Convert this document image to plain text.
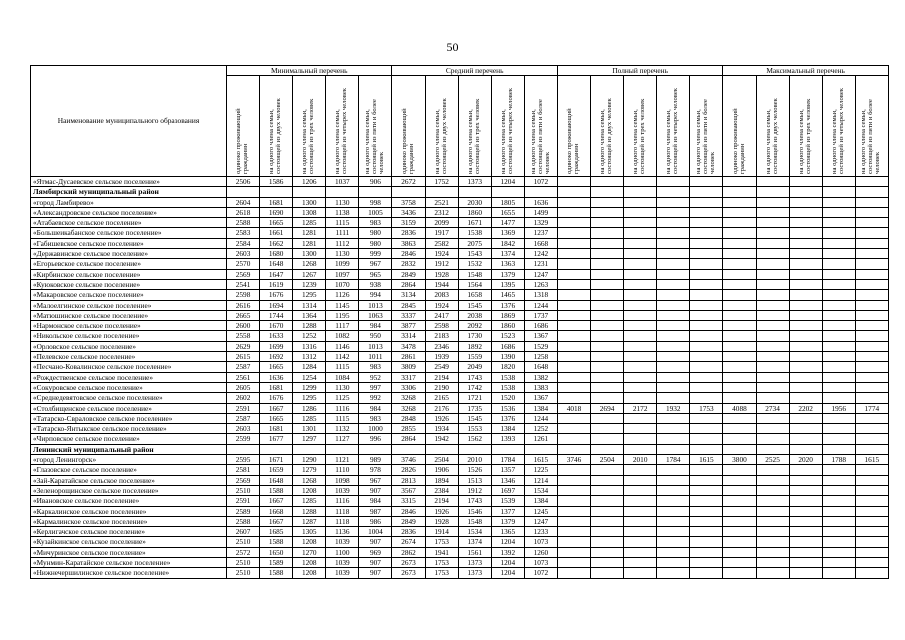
50
Наименование муниципального образования	Минимальный перечень					Средний перечень					Полный перечень					Максимальный перечень				

	одиноко проживающий гражданин	на одного члена семьи, состоящей из двух человек	на одного члена семьи, состоящей из трех человек	на одного члена семьи, состоящей из четырех человек	на одного члена семьи, состоящей из пяти и более человек	одиноко проживающий гражданин	на одного члена семьи, состоящей из двух человек	на одного члена семьи, состоящей из трех человек	на одного члена семьи, состоящей из четырех человек	на одного члена семьи, состоящей из пяти и более человек	одиноко проживающий гражданин	на одного члена семьи, состоящей из двух человек	на одного члена семьи, состоящей из трех человек	на одного члена семьи, состоящей из четырех человек	на одного члена семьи, состоящей из пяти и более человек	одиноко проживающий гражданин	на одного члена семьи, состоящей из двух человек	на одного члена семьи, состоящей из трех человек	на одного члена семьи, состоящей из четырех человек	на одного члена семьи, состоящей из пяти и более человек

«Ятмас-Дусаевское сельское поселение»	2506	1586	1206	1037	906	2672	1752	1373	1204	1072										
Лямбирский муниципальный район																				
«город Ламбирево»	2604	1681	1300	1130	998	3758	2521	2030	1805	1636										
«Александровское сельское поселение»	2618	1690	1308	1138	1005	3436	2312	1860	1655	1499										
«Атабаевское сельское поселение»	2588	1665	1285	1115	983	3159	2099	1671	1477	1329										
«Большеикабанское сельское поселение»	2583	1661	1281	1111	980	2836	1917	1538	1369	1237										
«Габишевское сельское поселение»	2584	1662	1281	1112	980	3863	2582	2075	1842	1668										
«Державинское сельское поселение»	2603	1680	1300	1130	999	2846	1924	1543	1374	1242										
«Егорьевское сельское поселение»	2570	1648	1268	1099	967	2832	1912	1532	1363	1231										
«Кирбинское сельское поселение»	2569	1647	1267	1097	965	2849	1928	1548	1379	1247										
«Куюковское сельское поселение»	2541	1619	1239	1070	938	2864	1944	1564	1395	1263										
«Макаровское сельское поселение»	2598	1676	1295	1126	994	3134	2083	1658	1465	1318										
«Малоелгинское сельское поселение»	2616	1694	1314	1145	1013	2845	1924	1545	1376	1244										
«Матюшинское сельское поселение»	2665	1744	1364	1195	1063	3337	2417	2038	1869	1737										
«Нармонское сельское поселение»	2600	1670	1288	1117	984	3877	2598	2092	1860	1686										
«Никольское сельское поселение»	2558	1633	1252	1082	950	3314	2183	1730	1523	1367										
«Орловское сельское поселение»	2629	1699	1316	1146	1013	3478	2346	1892	1686	1529										
«Пелевское сельское поселение»	2615	1692	1312	1142	1011	2861	1939	1559	1390	1258										
«Песчано-Ковалинское сельское поселение»	2587	1665	1284	1115	983	3809	2549	2049	1820	1648										
«Рождественское сельское поселение»	2561	1636	1254	1084	952	3317	2194	1743	1538	1382										
«Сокуровское сельское поселение»	2605	1681	1299	1130	997	3306	2190	1742	1538	1383										
«Среднедевятовское сельское поселение»	2602	1676	1295	1125	992	3268	2165	1721	1520	1367										
«Столбищенское сельское поселение»	2591	1667	1286	1116	984	3268	2176	1735	1536	1384	4018	2694	2172	1932	1753	4088	2734	2202	1956	1774
«Татарско-Свраловское сельское поселение»	2587	1665	1285	1115	983	2848	1926	1545	1376	1244										
«Татарско-Янтыкское сельское поселение»	2603	1681	1301	1132	1000	2855	1934	1553	1384	1252										
«Чирповское сельское поселение»	2599	1677	1297	1127	996	2864	1942	1562	1393	1261										
Ленинский муниципальный район																				
«город Ленингорск»	2595	1671	1290	1121	989	3746	2504	2010	1784	1615	3746	2504	2010	1784	1615	3800	2525	2020	1788	1615
«Глазовское сельское поселение»	2581	1659	1279	1110	978	2826	1906	1526	1357	1225										
«Зай-Каратайское сельское поселение»	2569	1648	1268	1098	967	2813	1894	1513	1346	1214										
«Зеленорощинское сельское поселение»	2510	1588	1208	1039	907	3567	2384	1912	1697	1534										
«Ивановское сельское поселение»	2591	1667	1285	1116	984	3315	2194	1743	1539	1384										
«Каркалинское сельское поселение»	2589	1668	1288	1118	987	2846	1926	1546	1377	1245										
«Кармалинское сельское поселение»	2588	1667	1287	1118	986	2849	1928	1548	1379	1247										
«Керлигачское сельское поселение»	2607	1685	1305	1136	1004	2836	1914	1534	1365	1233										
«Кузайкинское сельское поселение»	2510	1588	1208	1039	907	2674	1753	1374	1204	1073										
«Мичуринское сельское поселение»	2572	1650	1270	1100	969	2862	1941	1561	1392	1260										
«Мунмин-Каратайское сельское поселение»	2510	1589	1208	1039	907	2673	1753	1373	1204	1073										
«Нижнечершилинское сельское поселение»	2510	1588	1208	1039	907	2673	1753	1373	1204	1072										
